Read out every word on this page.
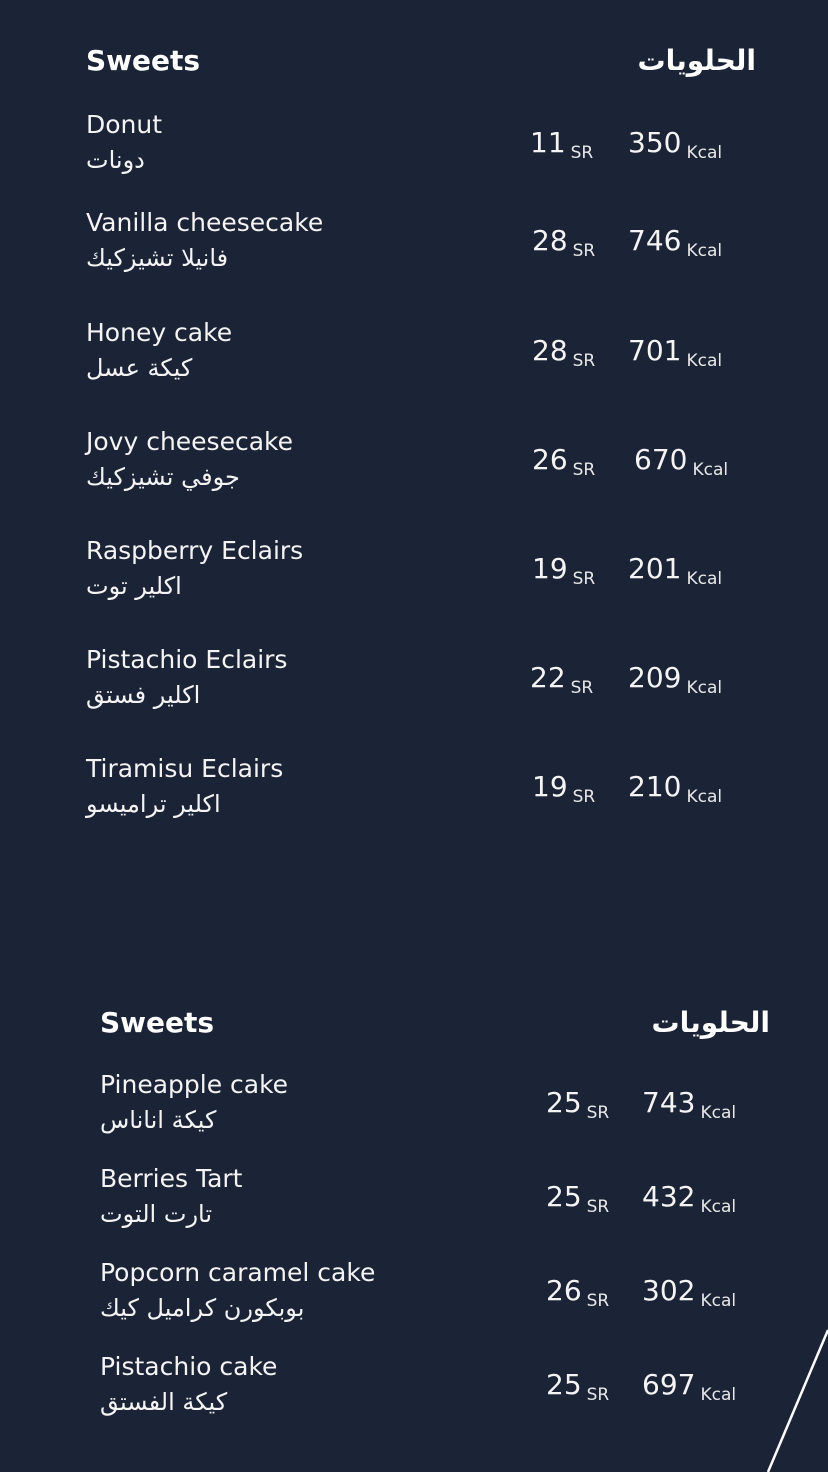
Sweets	الحلويات
Donut
دونات
11 SR 350 Kcal
Vanilla cheesecake
فانيلا تشيزكيك
28 SR 746 Kcal
Honey cake
كيكة عسل
28 SR 701 Kcal
Jovy cheesecake
جوفي تشيزكيك
26 SR 670 Kcal
Raspberry Eclairs
اكلير توت
19 SR 201 Kcal
Pistachio Eclairs
اكلير فستق
22 SR 209 Kcal
Tiramisu Eclairs
اكلير تراميسو
19 SR 210 Kcal
Sweets	الحلويات
Pineapple cake
كيكة اناناس
25 SR 743 Kcal
Berries Tart
تارت التوت
25 SR 432 Kcal
Popcorn caramel cake
بوبكورن كراميل كيك
26 SR 302 Kcal
Pistachio cake
كيكة الفستق
25 SR 697 Kcal
